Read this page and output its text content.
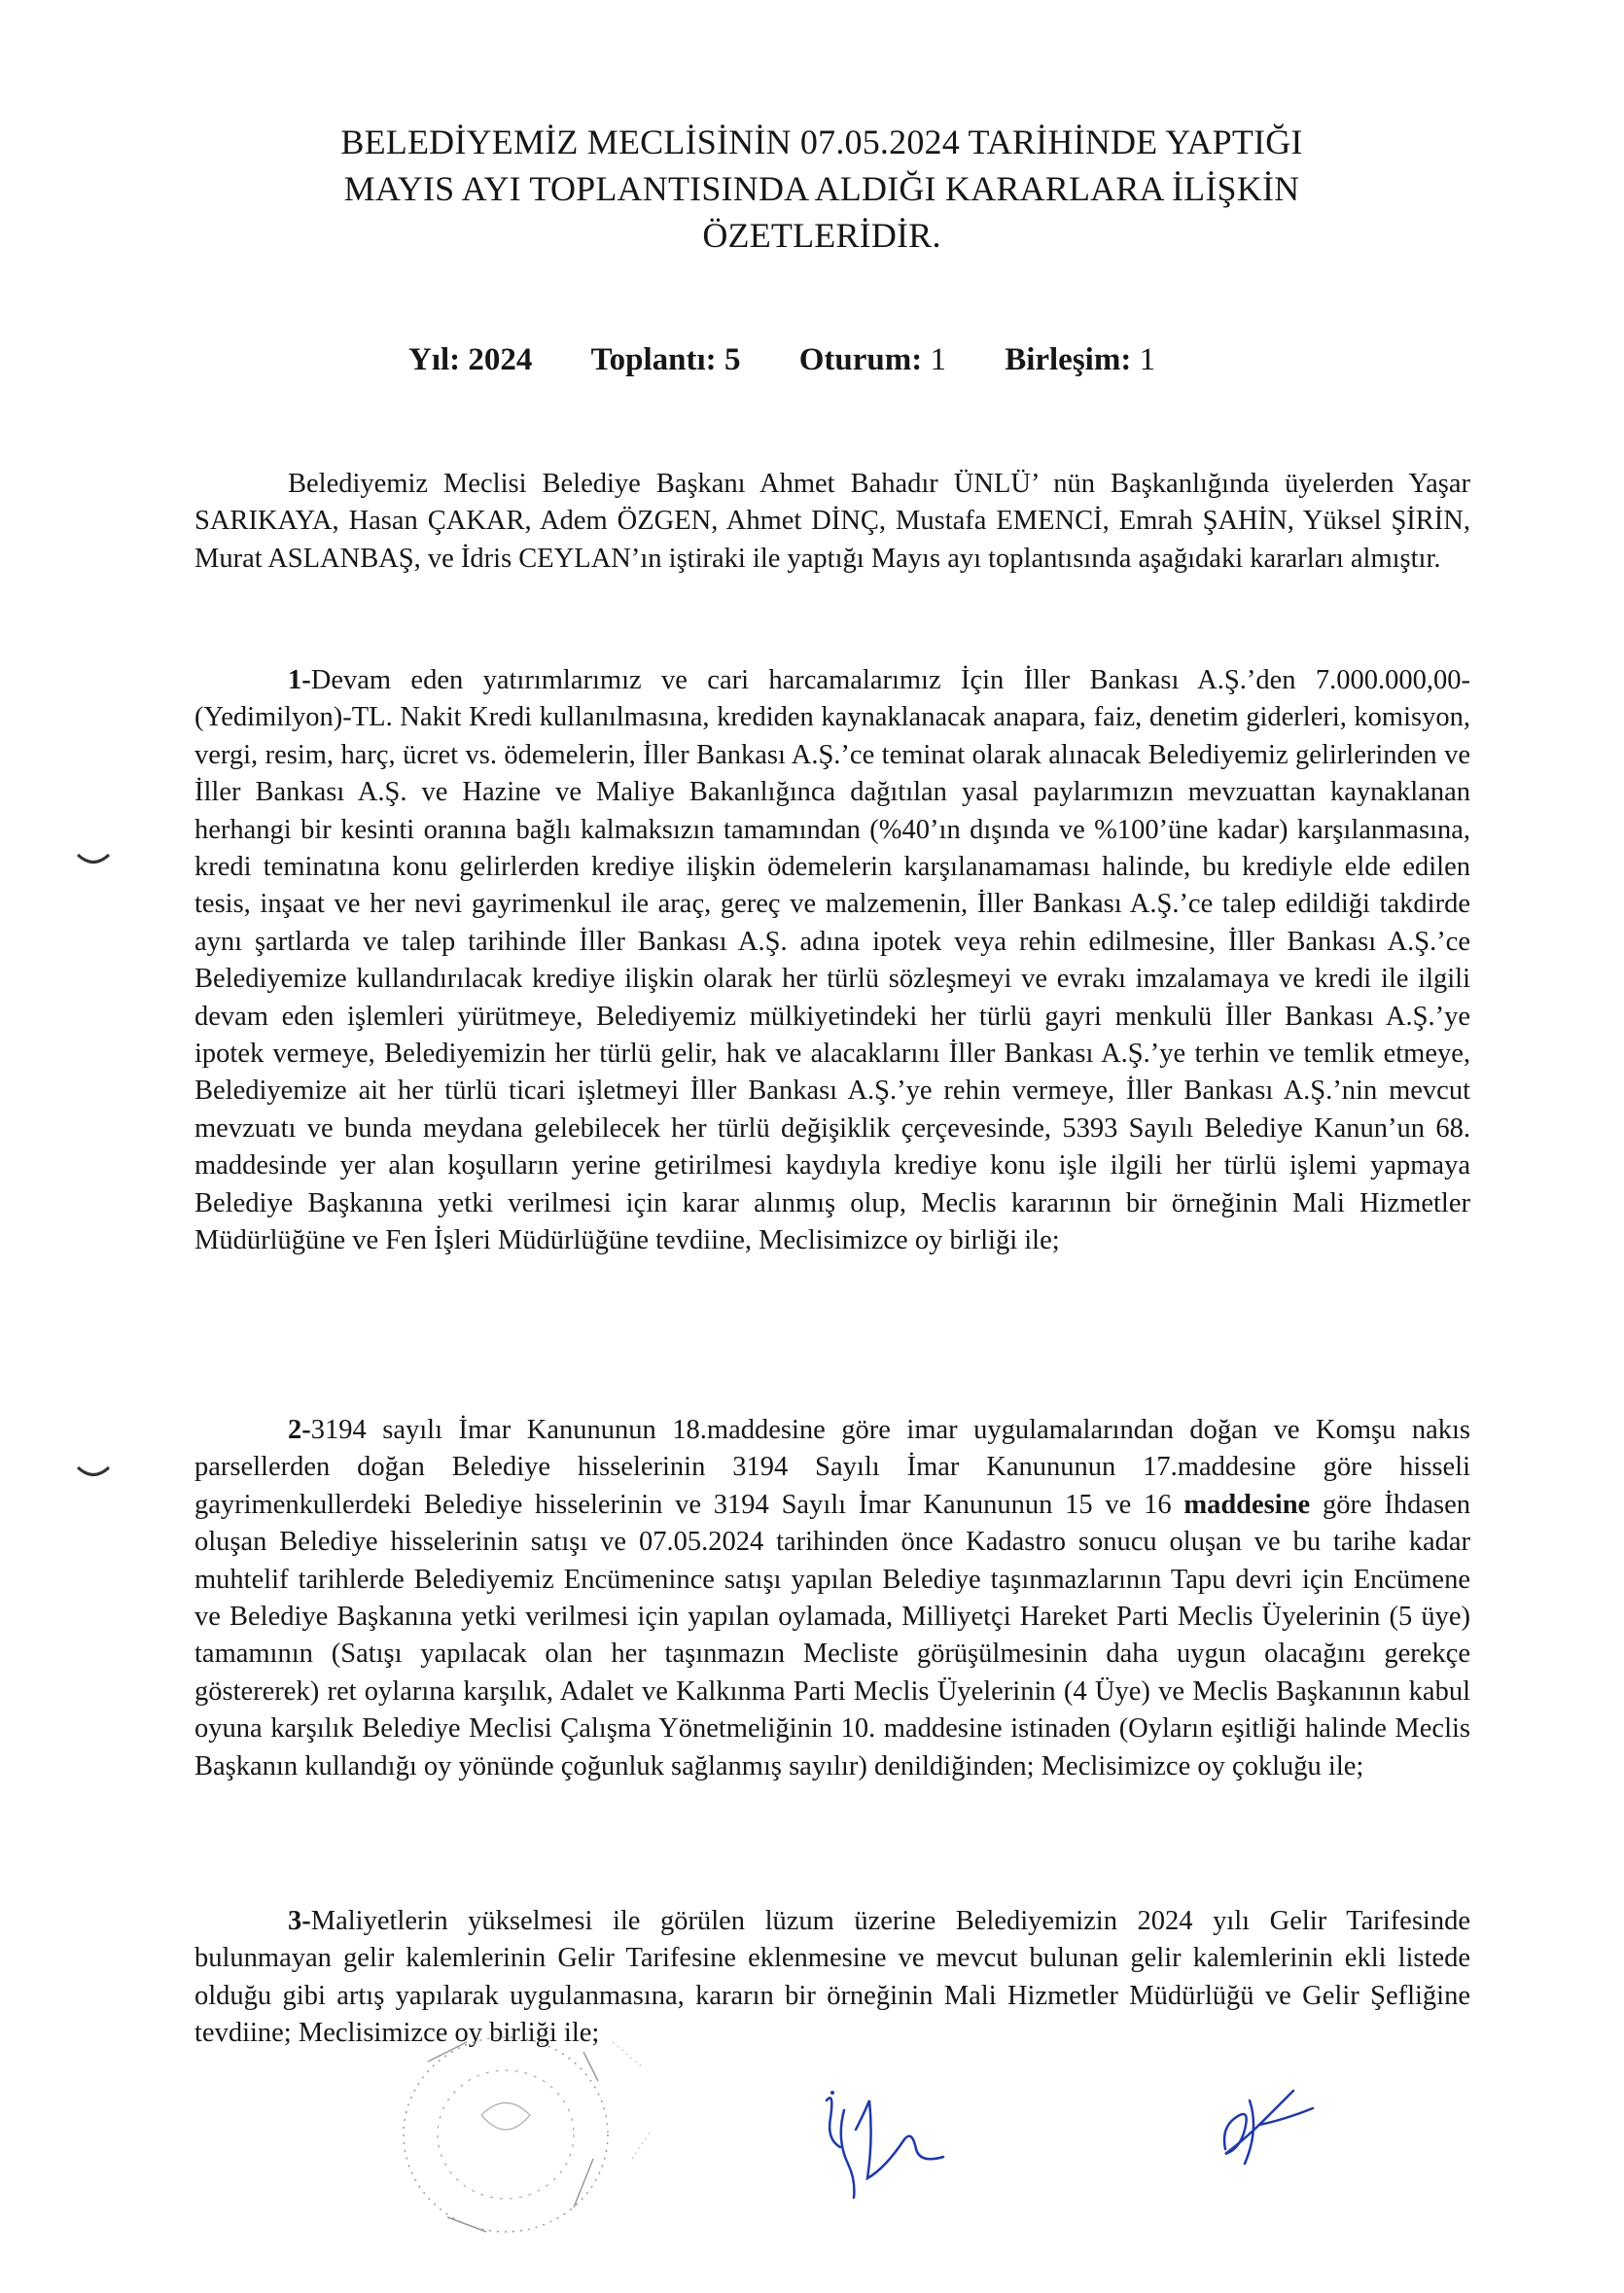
BELEDİYEMİZ MECLİSİNİN 07.05.2024 TARİHİNDE YAPTIĞI
MAYIS AYI TOPLANTISINDA ALDIĞI KARARLARA İLİŞKİN
ÖZETLERİDİR.
Yıl: 2024 Toplantı: 5 Oturum: 1 Birleşim: 1
Belediyemiz Meclisi Belediye Başkanı Ahmet Bahadır ÜNLÜ’ nün Başkanlığında üyelerden Yaşar SARIKAYA, Hasan ÇAKAR, Adem ÖZGEN, Ahmet DİNÇ, Mustafa EMENCİ, Emrah ŞAHİN, Yüksel ŞİRİN, Murat ASLANBAŞ, ve İdris CEYLAN’ın iştiraki ile yaptığı Mayıs ayı toplantısında aşağıdaki kararları almıştır.
1-Devam eden yatırımlarımız ve cari harcamalarımız İçin İller Bankası A.Ş.’den 7.000.000,00- (Yedimilyon)-TL. Nakit Kredi kullanılmasına, krediden kaynaklanacak anapara, faiz, denetim giderleri, komisyon, vergi, resim, harç, ücret vs. ödemelerin, İller Bankası A.Ş.’ce teminat olarak alınacak Belediyemiz gelirlerinden ve İller Bankası A.Ş. ve Hazine ve Maliye Bakanlığınca dağıtılan yasal paylarımızın mevzuattan kaynaklanan herhangi bir kesinti oranına bağlı kalmaksızın tamamından (%40’ın dışında ve %100’üne kadar) karşılanmasına, kredi teminatına konu gelirlerden krediye ilişkin ödemelerin karşılanamaması halinde, bu krediyle elde edilen tesis, inşaat ve her nevi gayrimenkul ile araç, gereç ve malzemenin, İller Bankası A.Ş.’ce talep edildiği takdirde aynı şartlarda ve talep tarihinde İller Bankası A.Ş. adına ipotek veya rehin edilmesine, İller Bankası A.Ş.’ce Belediyemize kullandırılacak krediye ilişkin olarak her türlü sözleşmeyi ve evrakı imzalamaya ve kredi ile ilgili devam eden işlemleri yürütmeye, Belediyemiz mülkiyetindeki her türlü gayri menkulü İller Bankası A.Ş.’ye ipotek vermeye, Belediyemizin her türlü gelir, hak ve alacaklarını İller Bankası A.Ş.’ye terhin ve temlik etmeye, Belediyemize ait her türlü ticari işletmeyi İller Bankası A.Ş.’ye rehin vermeye, İller Bankası A.Ş.’nin mevcut mevzuatı ve bunda meydana gelebilecek her türlü değişiklik çerçevesinde, 5393 Sayılı Belediye Kanun’un 68. maddesinde yer alan koşulların yerine getirilmesi kaydıyla krediye konu işle ilgili her türlü işlemi yapmaya Belediye Başkanına yetki verilmesi için karar alınmış olup, Meclis kararının bir örneğinin Mali Hizmetler Müdürlüğüne ve Fen İşleri Müdürlüğüne tevdiine, Meclisimizce oy birliği ile;
2-3194 sayılı İmar Kanununun 18.maddesine göre imar uygulamalarından doğan ve Komşu nakıs parsellerden doğan Belediye hisselerinin 3194 Sayılı İmar Kanununun 17.maddesine göre hisseli gayrimenkullerdeki Belediye hisselerinin ve 3194 Sayılı İmar Kanununun 15 ve 16 maddesine göre İhdasen oluşan Belediye hisselerinin satışı ve 07.05.2024 tarihinden önce Kadastro sonucu oluşan ve bu tarihe kadar muhtelif tarihlerde Belediyemiz Encümenince satışı yapılan Belediye taşınmazlarının Tapu devri için Encümene ve Belediye Başkanına yetki verilmesi için yapılan oylamada, Milliyetçi Hareket Parti Meclis Üyelerinin (5 üye) tamamının (Satışı yapılacak olan her taşınmazın Mecliste görüşülmesinin daha uygun olacağını gerekçe göstererek) ret oylarına karşılık, Adalet ve Kalkınma Parti Meclis Üyelerinin (4 Üye) ve Meclis Başkanının kabul oyuna karşılık Belediye Meclisi Çalışma Yönetmeliğinin 10. maddesine istinaden (Oyların eşitliği halinde Meclis Başkanın kullandığı oy yönünde çoğunluk sağlanmış sayılır) denildiğinden; Meclisimizce oy çokluğu ile;
3-Maliyetlerin yükselmesi ile görülen lüzum üzerine Belediyemizin 2024 yılı Gelir Tarifesinde bulunmayan gelir kalemlerinin Gelir Tarifesine eklenmesine ve mevcut bulunan gelir kalemlerinin ekli listede olduğu gibi artış yapılarak uygulanmasına, kararın bir örneğinin Mali Hizmetler Müdürlüğü ve Gelir Şefliğine tevdiine; Meclisimizce oy birliği ile;
